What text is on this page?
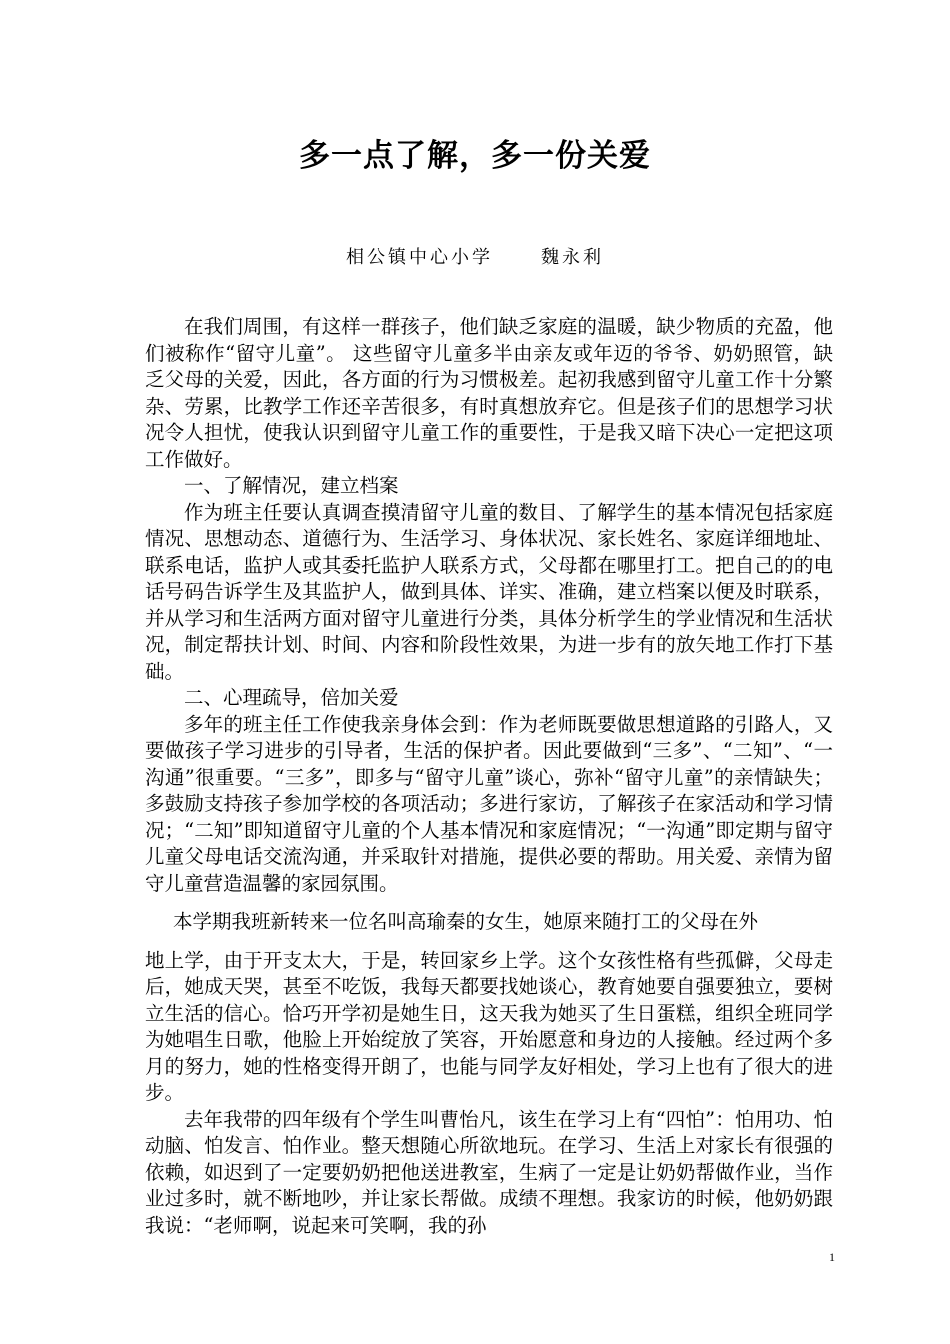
多一点了解，多一份关爱
相公镇中心小学	魏永利

在我们周围，有这样一群孩子，他们缺乏家庭的温暖，缺少物质的充盈，他们被称作“留守儿童”。 这些留守儿童多半由亲友或年迈的爷爷、奶奶照管，缺乏父母的关爱，因此，各方面的行为习惯极差。起初我感到留守儿童工作十分繁杂、劳累，比教学工作还辛苦很多，有时真想放弃它。但是孩子们的思想学习状况令人担忧，使我认识到留守儿童工作的重要性，于是我又暗下决心一定把这项工作做好。

一、了解情况，建立档案

作为班主任要认真调查摸清留守儿童的数目、了解学生的基本情况包括家庭情况、思想动态、道德行为、生活学习、身体状况、家长姓名、家庭详细地址、联系电话，监护人或其委托监护人联系方式，父母都在哪里打工。把自己的的电话号码告诉学生及其监护人，做到具体、详实、准确，建立档案以便及时联系，并从学习和生活两方面对留守儿童进行分类，具体分析学生的学业情况和生活状况，制定帮扶计划、时间、内容和阶段性效果，为进一步有的放矢地工作打下基础。

二、心理疏导，倍加关爱

多年的班主任工作使我亲身体会到：作为老师既要做思想道路的引路人，又要做孩子学习进步的引导者，生活的保护者。因此要做到“三多”、“二知”、“一沟通”很重要。“三多”，即多与“留守儿童”谈心，弥补“留守儿童”的亲情缺失；多鼓励支持孩子参加学校的各项活动；多进行家访，了解孩子在家活动和学习情况；“二知”即知道留守儿童的个人基本情况和家庭情况；“一沟通”即定期与留守儿童父母电话交流沟通，并采取针对措施，提供必要的帮助。用关爱、亲情为留守儿童营造温馨的家园氛围。

本学期我班新转来一位名叫高瑜秦的女生，她原来随打工的父母在外

地上学，由于开支太大，于是，转回家乡上学。这个女孩性格有些孤僻，父母走后，她成天哭，甚至不吃饭，我每天都要找她谈心，教育她要自强要独立，要树立生活的信心。恰巧开学初是她生日，这天我为她买了生日蛋糕，组织全班同学为她唱生日歌，他脸上开始绽放了笑容，开始愿意和身边的人接触。经过两个多月的努力，她的性格变得开朗了，也能与同学友好相处，学习上也有了很大的进步。

去年我带的四年级有个学生叫曹怡凡，该生在学习上有“四怕”：怕用功、怕动脑、怕发言、怕作业。整天想随心所欲地玩。在学习、生活上对家长有很强的依赖，如迟到了一定要奶奶把他送进教室，生病了一定是让奶奶帮做作业，当作业过多时，就不断地吵，并让家长帮做。成绩不理想。我家访的时候，他奶奶跟我说：“老师啊，说起来可笑啊，我的孙

1
